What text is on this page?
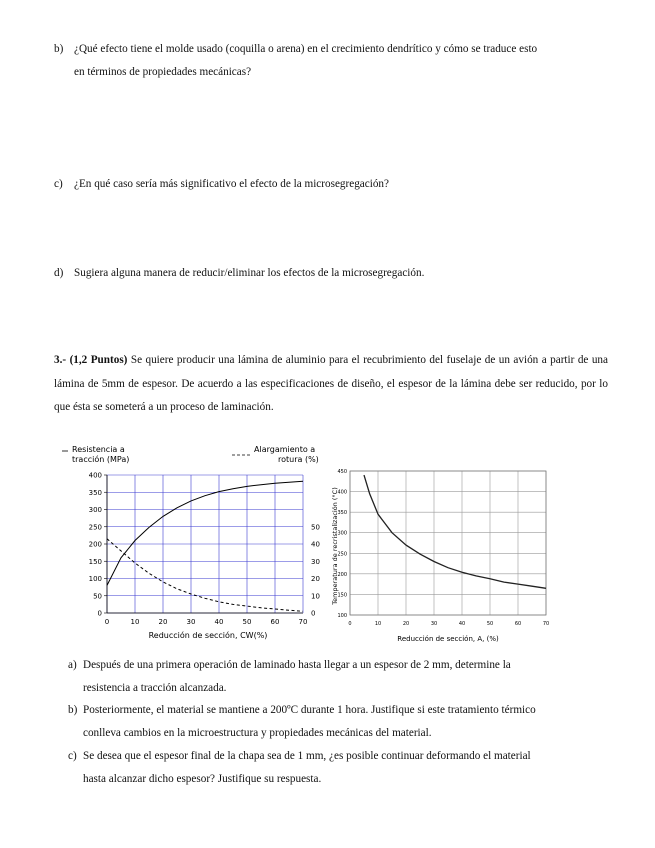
b) ¿Qué efecto tiene el molde usado (coquilla o arena) en el crecimiento dendrítico y cómo se traduce esto
en términos de propiedades mecánicas?
c) ¿En qué caso sería más significativo el efecto de la microsegregación?
d) Sugiera alguna manera de reducir/eliminar los efectos de la microsegregación.
3.- (1,2 Puntos) Se quiere producir una lámina de aluminio para el recubrimiento del fuselaje de un avión a partir de una lámina de 5mm de espesor. De acuerdo a las especificaciones de diseño, el espesor de la lámina debe ser reducido, por lo que ésta se someterá a un proceso de laminación.
0	10	20	30	40	50	60	70
0
50
100
150
200
250
300
350
400
0
10
20
30
40
50
Resistencia a
tracción (MPa)
Alargamiento a
rotura (%)
Reducción de sección, CW(%)
0	10	20	30	40	50	60	70
100
150
200
250
300
350
400
450
Temperatura de recristalización (°C)
Reducción de sección, A, (%)
a) Después de una primera operación de laminado hasta llegar a un espesor de 2 mm, determine la
resistencia a tracción alcanzada.
b) Posteriormente, el material se mantiene a 200ºC durante 1 hora. Justifique si este tratamiento térmico
conlleva cambios en la microestructura y propiedades mecánicas del material.
c) Se desea que el espesor final de la chapa sea de 1 mm, ¿es posible continuar deformando el material
hasta alcanzar dicho espesor? Justifique su respuesta.
